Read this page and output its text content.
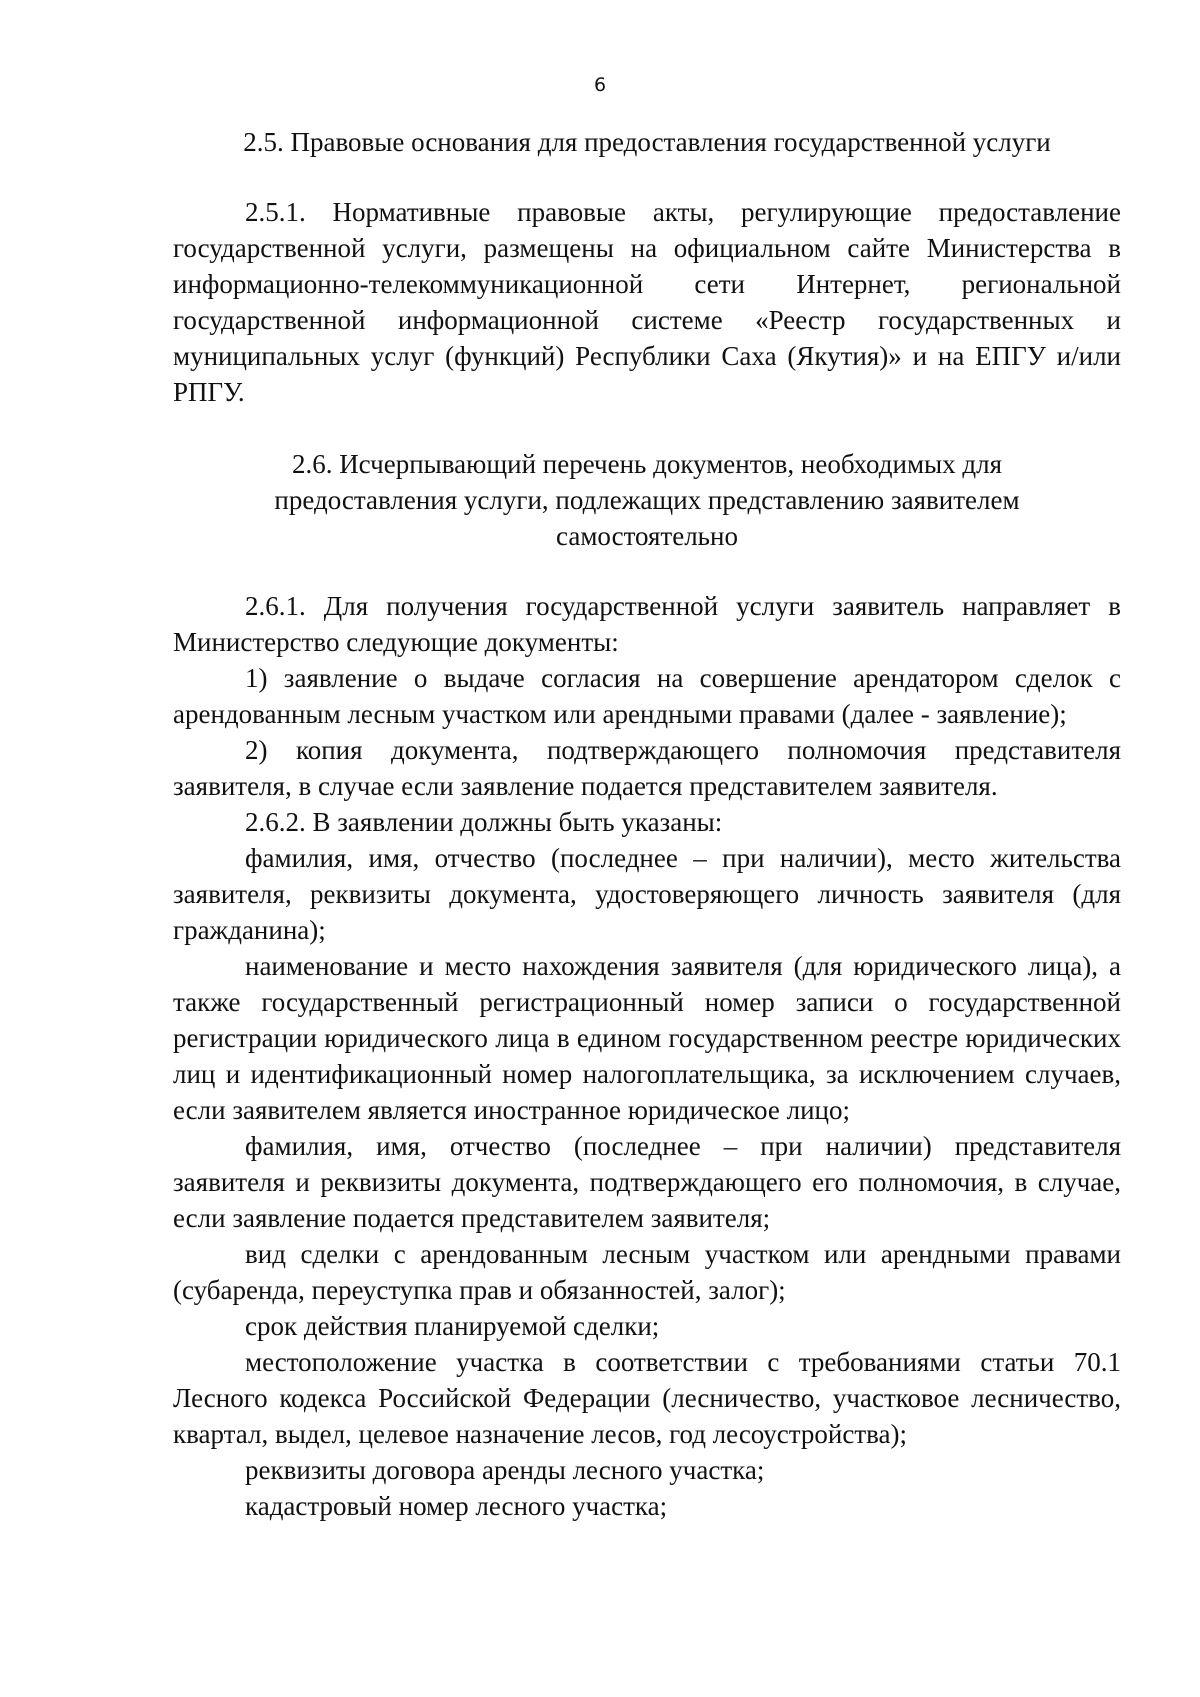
6

2.5. Правовые основания для предоставления государственной услуги

2.5.1. Нормативные правовые акты, регулирующие предоставление государственной услуги, размещены на официальном сайте Министерства в информационно-телекоммуникационной сети Интернет, региональной государственной информационной системе «Реестр государственных и муниципальных услуг (функций) Республики Саха (Якутия)» и на ЕПГУ и/или РПГУ.

2.6. Исчерпывающий перечень документов, необходимых для предоставления услуги, подлежащих представлению заявителем самостоятельно

2.6.1. Для получения государственной услуги заявитель направляет в Министерство следующие документы:

1) заявление о выдаче согласия на совершение арендатором сделок с арендованным лесным участком или арендными правами (далее - заявление);

2) копия документа, подтверждающего полномочия представителя заявителя, в случае если заявление подается представителем заявителя.

2.6.2. В заявлении должны быть указаны:

фамилия, имя, отчество (последнее – при наличии), место жительства заявителя, реквизиты документа, удостоверяющего личность заявителя (для гражданина);

наименование и место нахождения заявителя (для юридического лица), а также государственный регистрационный номер записи о государственной регистрации юридического лица в едином государственном реестре юридических лиц и идентификационный номер налогоплательщика, за исключением случаев, если заявителем является иностранное юридическое лицо;

фамилия, имя, отчество (последнее – при наличии) представителя заявителя и реквизиты документа, подтверждающего его полномочия, в случае, если заявление подается представителем заявителя;

вид сделки с арендованным лесным участком или арендными правами (субаренда, переуступка прав и обязанностей, залог);

срок действия планируемой сделки;

местоположение участка в соответствии с требованиями статьи 70.1 Лесного кодекса Российской Федерации (лесничество, участковое лесничество, квартал, выдел, целевое назначение лесов, год лесоустройства);

реквизиты договора аренды лесного участка;

кадастровый номер лесного участка;
